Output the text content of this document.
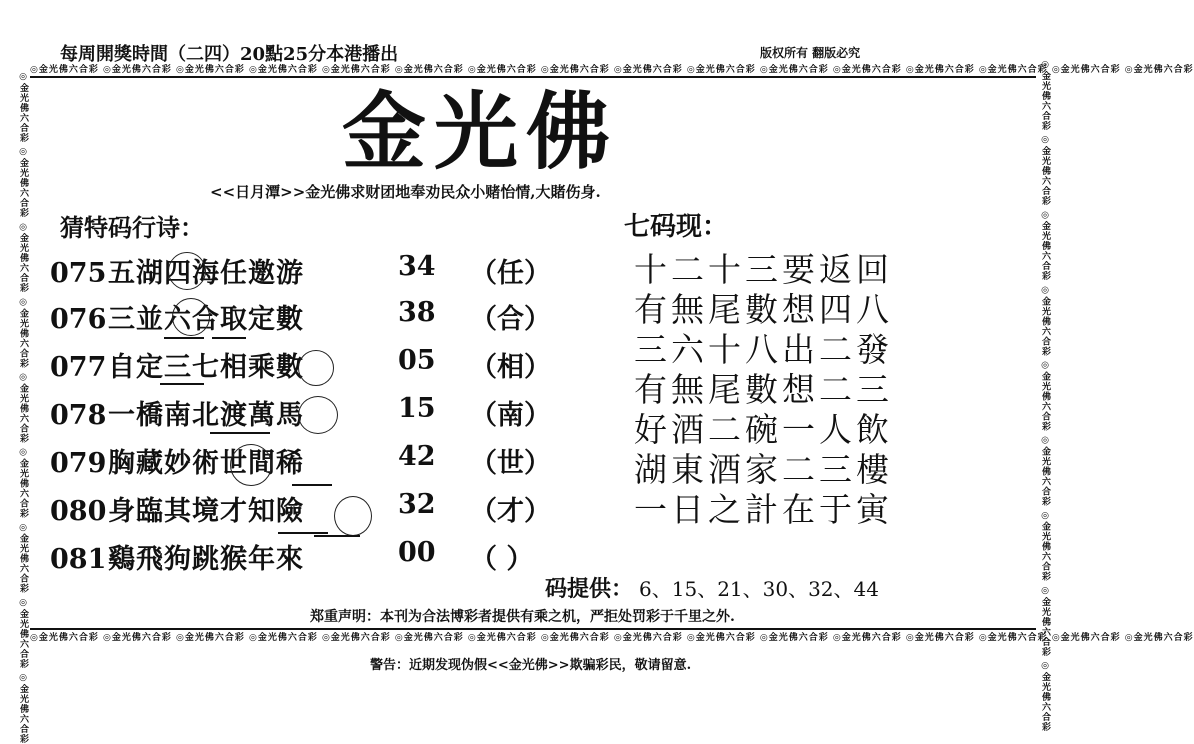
每周開獎時間（二四）20點25分本港播出	版权所有 翻版必究
◎金光佛六合彩 ◎金光佛六合彩 ◎金光佛六合彩 ◎金光佛六合彩 ◎金光佛六合彩 ◎金光佛六合彩 ◎金光佛六合彩 ◎金光佛六合彩 ◎金光佛六合彩 ◎金光佛六合彩 ◎金光佛六合彩 ◎金光佛六合彩 ◎金光佛六合彩 ◎金光佛六合彩 ◎金光佛六合彩 ◎金光佛六合彩
◎金光佛六合彩 ◎金光佛六合彩 ◎金光佛六合彩 ◎金光佛六合彩 ◎金光佛六合彩 ◎金光佛六合彩 ◎金光佛六合彩 ◎金光佛六合彩 ◎金光佛六合彩 ◎金光佛六合彩 ◎金光佛六合彩 ◎金光佛六合彩 ◎金光佛六合彩 ◎金光佛六合彩 ◎金光佛六合彩 ◎金光佛六合彩
◎金光佛六合彩 ◎金光佛六合彩 ◎金光佛六合彩 ◎金光佛六合彩 ◎金光佛六合彩 ◎金光佛六合彩 ◎金光佛六合彩 ◎金光佛六合彩 ◎金光佛六合彩	◎金光佛六合彩 ◎金光佛六合彩 ◎金光佛六合彩 ◎金光佛六合彩 ◎金光佛六合彩 ◎金光佛六合彩 ◎金光佛六合彩 ◎金光佛六合彩 ◎金光佛六合彩
金光佛
<<日月潭>>金光佛求财团地奉劝民众小赌怡情,大賭伤身.
猜特码行诗：	七码现：
075五湖四海任邀游	34	（任）
076三並六合取定數	38	（合）
077自定三七相乘數	05	（相）
078一橋南北渡萬馬	15	（南）
079胸藏妙術世間稀	42	（世）
080身臨其境才知險	32	（才）
081鷄飛狗跳猴年來	00	（ ）
十二十三要返回
有無尾數想四八
三六十八出二發
有無尾數想二三
好酒二碗一人飲
湖東酒家二三樓
一日之計在于寅
码提供： 6、15、21、30、32、44
郑重声明：本刊为合法博彩者提供有乘之机，严拒处罚彩于千里之外.
警告：近期发现伪假<<金光佛>>欺骗彩民，敬请留意.
